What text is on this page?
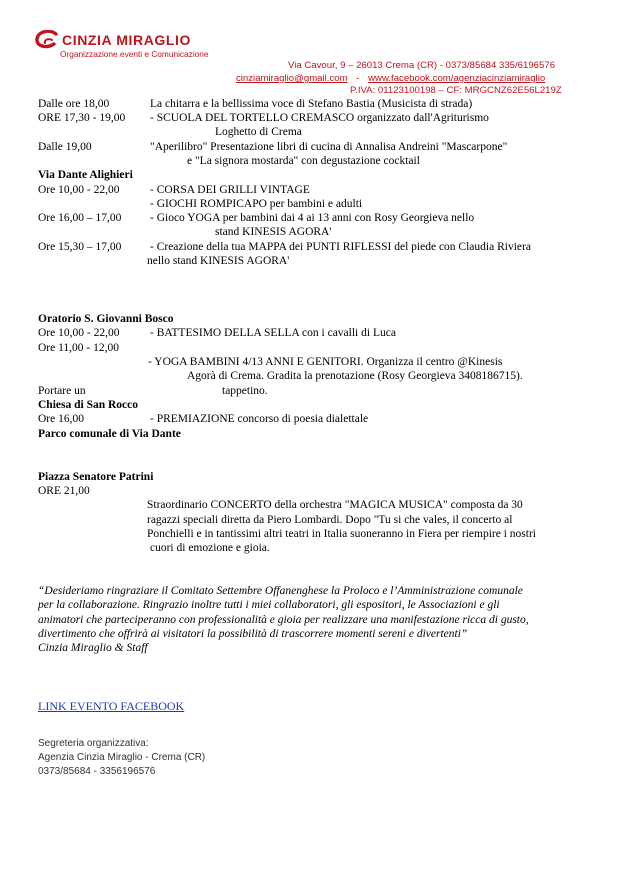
CINZIA MIRAGLIO
Organizzazione eventi e Comunicazione
Via Cavour, 9 – 26013 Crema (CR) - 0373/85684 335/6196576
cinziamiraglio@gmail.com - www.facebook.com/agenziacinziamiraglio
P.IVA: 01123100198 – CF: MRGCNZ62E56L219Z
Dalle ore 18,00	La chitarra e la bellissima voce di Stefano Bastia (Musicista di strada)
ORE 17,30 - 19,00 - SCUOLA DEL TORTELLO CREMASCO organizzato dall'Agriturismo
Loghetto di Crema
Dalle 19,00	"Aperilibro" Presentazione libri di cucina di Annalisa Andreini "Mascarpone"
e "La signora mostarda" con degustazione cocktail
Via Dante Alighieri
Ore 10,00 - 22,00	- CORSA DEI GRILLI VINTAGE
- GIOCHI ROMPICAPO per bambini e adulti
Ore 16,00 – 17,00 - Gioco YOGA per bambini dai 4 ai 13 anni con Rosy Georgieva nello
stand KINESIS AGORA'
Ore 15,30 – 17,00 - Creazione della tua MAPPA dei PUNTI RIFLESSI del piede con Claudia Riviera
nello stand KINESIS AGORA'
Oratorio S. Giovanni Bosco
Ore 10,00 - 22,00	- BATTESIMO DELLA SELLA con i cavalli di Luca
Ore 11,00 - 12,00
- YOGA BAMBINI 4/13 ANNI E GENITORI. Organizza il centro @Kinesis
Agorà di Crema. Gradita la prenotazione (Rosy Georgieva 3408186715).
Portare un	tappetino.
Chiesa di San Rocco
Ore 16,00	- PREMIAZIONE concorso di poesia dialettale
Parco comunale di Via Dante
Piazza Senatore Patrini
ORE 21,00
Straordinario CONCERTO della orchestra "MAGICA MUSICA" composta da 30
ragazzi speciali diretta da Piero Lombardi. Dopo "Tu si che vales, il concerto al
Ponchielli e in tantissimi altri teatri in Italia suoneranno in Fiera per riempire i nostri
cuori di emozione e gioia.
“Desideriamo ringraziare il Comitato Settembre Offanenghese la Proloco e l’Amministrazione comunale
per la collaborazione. Ringrazio inoltre tutti i miei collaboratori, gli espositori, le Associazioni e gli
animatori che parteciperanno con professionalità e gioia per realizzare una manifestazione ricca di gusto,
divertimento che offrirà ai visitatori la possibilità di trascorrere momenti sereni e divertenti”
Cinzia Miraglio & Staff
LINK EVENTO FACEBOOK
Segreteria organizzativa:
Agenzia Cinzia Miraglio - Crema (CR)
0373/85684 - 3356196576
